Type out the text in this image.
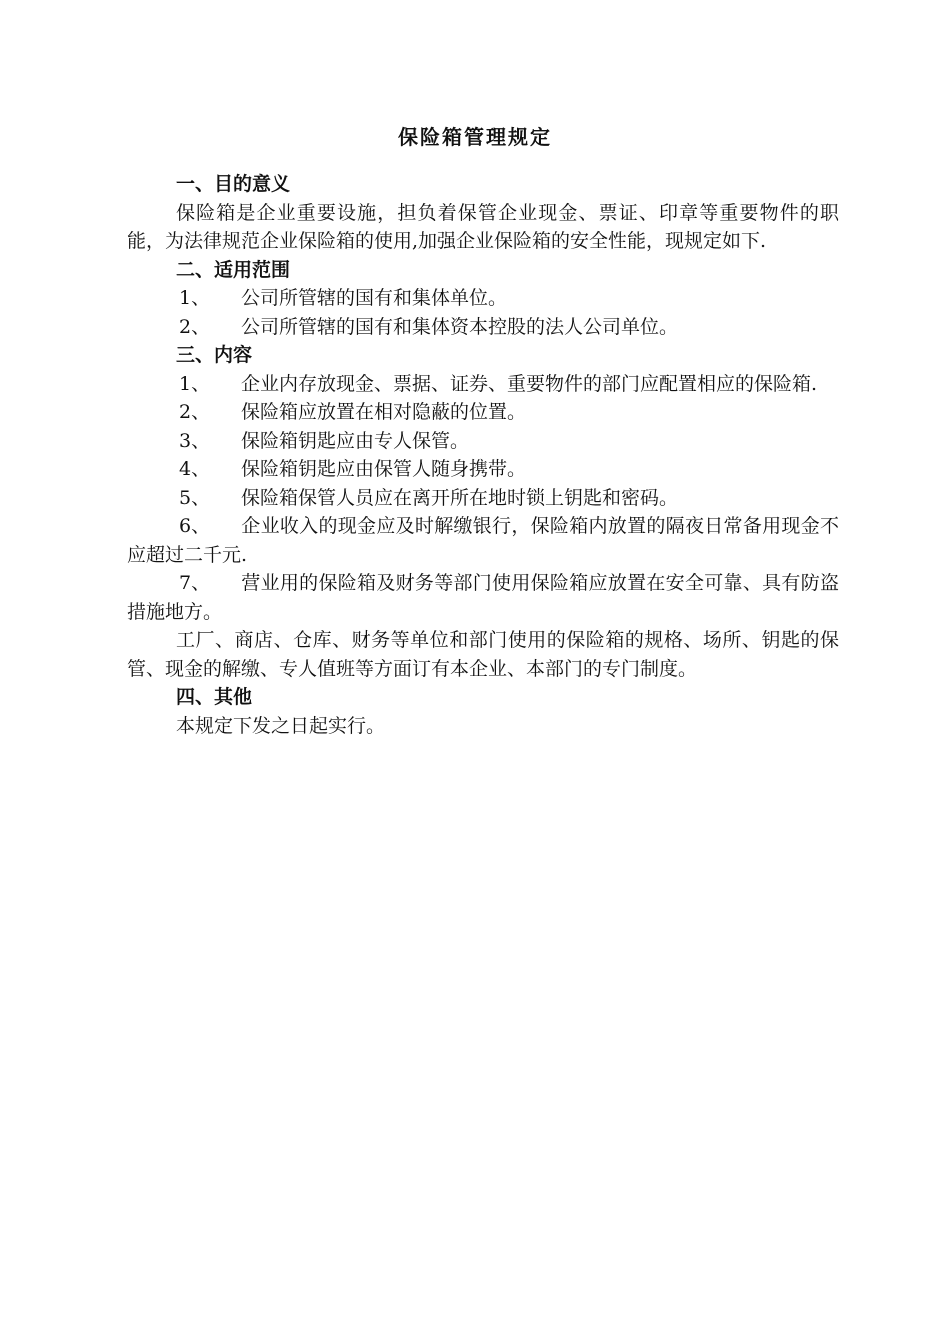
保险箱管理规定

一、目的意义

保险箱是企业重要设施，担负着保管企业现金、票证、印章等重要物件的职能，为法律规范企业保险箱的使用,加强企业保险箱的安全性能，现规定如下.

二、适用范围

1、 公司所管辖的国有和集体单位。

2、 公司所管辖的国有和集体资本控股的法人公司单位。

三、内容

1、 企业内存放现金、票据、证券、重要物件的部门应配置相应的保险箱.

2、 保险箱应放置在相对隐蔽的位置。

3、 保险箱钥匙应由专人保管。

4、 保险箱钥匙应由保管人随身携带。

5、 保险箱保管人员应在离开所在地时锁上钥匙和密码。

6、 企业收入的现金应及时解缴银行，保险箱内放置的隔夜日常备用现金不应超过二千元.

7、 营业用的保险箱及财务等部门使用保险箱应放置在安全可靠、具有防盗措施地方。

工厂、商店、仓库、财务等单位和部门使用的保险箱的规格、场所、钥匙的保管、现金的解缴、专人值班等方面订有本企业、本部门的专门制度。

四、其他

本规定下发之日起实行。
